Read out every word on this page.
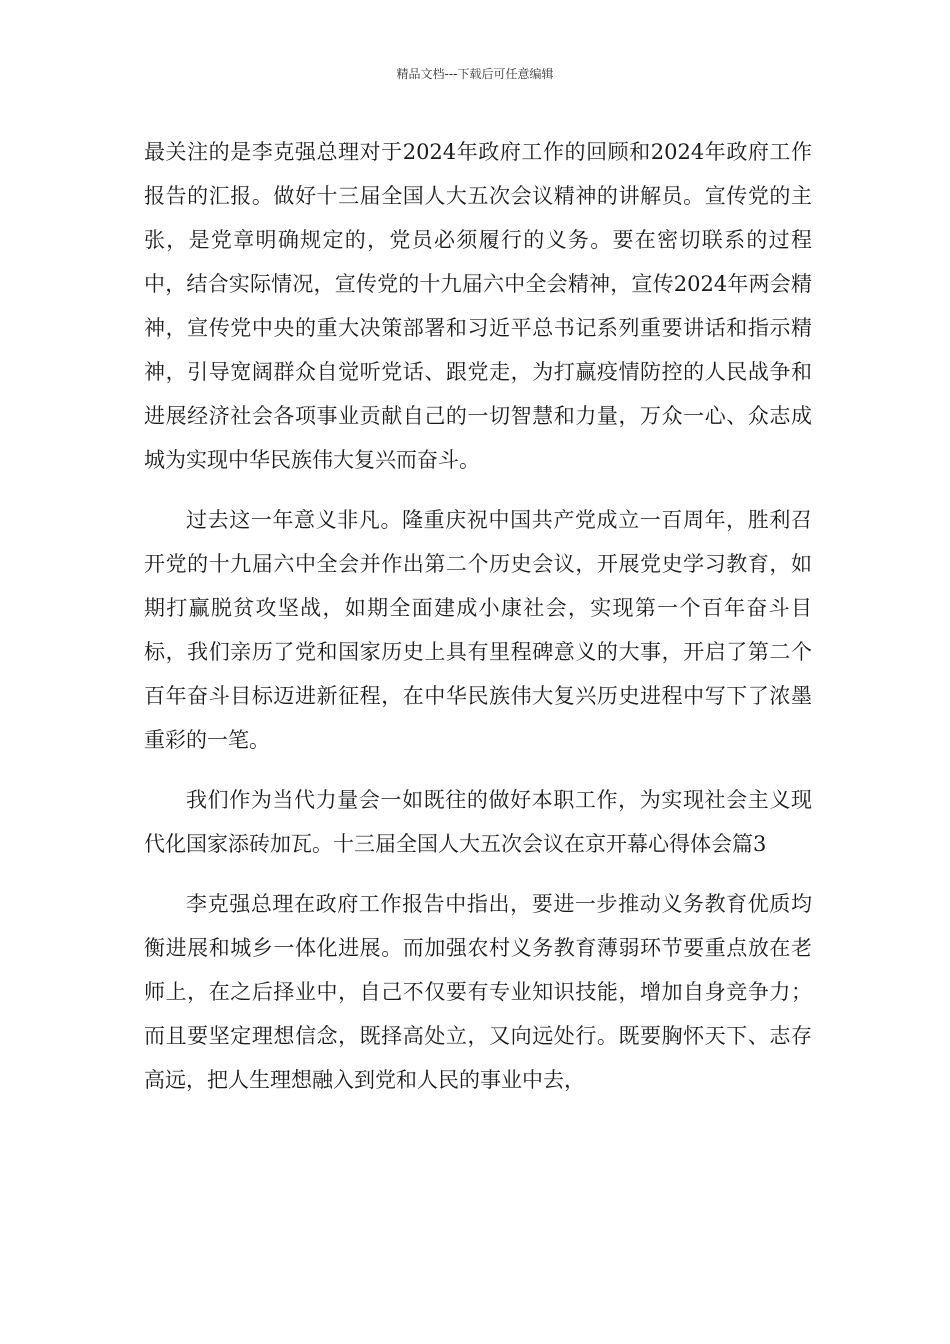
精品文档---下载后可任意编辑

最关注的是李克强总理对于2024年政府工作的回顾和2024年政府工作报告的汇报。做好十三届全国人大五次会议精神的讲解员。宣传党的主张，是党章明确规定的，党员必须履行的义务。要在密切联系的过程中，结合实际情况，宣传党的十九届六中全会精神，宣传2024年两会精神，宣传党中央的重大决策部署和习近平总书记系列重要讲话和指示精神，引导宽阔群众自觉听党话、跟党走，为打赢疫情防控的人民战争和进展经济社会各项事业贡献自己的一切智慧和力量，万众一心、众志成城为实现中华民族伟大复兴而奋斗。

过去这一年意义非凡。隆重庆祝中国共产党成立一百周年，胜利召开党的十九届六中全会并作出第二个历史会议，开展党史学习教育，如期打赢脱贫攻坚战，如期全面建成小康社会，实现第一个百年奋斗目标，我们亲历了党和国家历史上具有里程碑意义的大事，开启了第二个百年奋斗目标迈进新征程，在中华民族伟大复兴历史进程中写下了浓墨重彩的一笔。

我们作为当代力量会一如既往的做好本职工作，为实现社会主义现代化国家添砖加瓦。十三届全国人大五次会议在京开幕心得体会篇3

李克强总理在政府工作报告中指出，要进一步推动义务教育优质均衡进展和城乡一体化进展。而加强农村义务教育薄弱环节要重点放在老师上，在之后择业中，自己不仅要有专业知识技能，增加自身竞争力；而且要坚定理想信念，既择高处立，又向远处行。既要胸怀天下、志存高远，把人生理想融入到党和人民的事业中去，
